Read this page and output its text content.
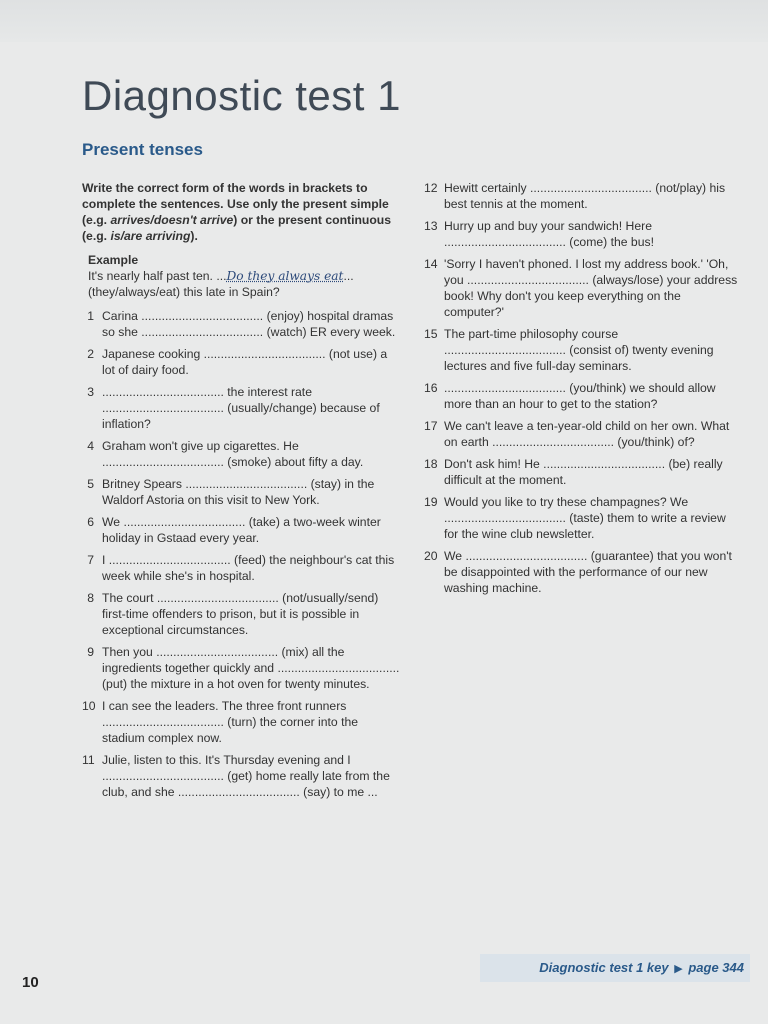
Diagnostic test 1
Present tenses

Write the correct form of the words in brackets to complete the sentences. Use only the present simple (e.g. arrives/doesn't arrive) or the present continuous (e.g. is/are arriving).

Example
It's nearly half past ten. ...Do they always eat... (they/always/eat) this late in Spain?
1 Carina .................................... (enjoy) hospital dramas so she .................................... (watch) ER every week.
2 Japanese cooking .................................... (not use) a lot of dairy food.
3 .................................... the interest rate .................................... (usually/change) because of inflation?
4 Graham won't give up cigarettes. He .................................... (smoke) about fifty a day.
5 Britney Spears .................................... (stay) in the Waldorf Astoria on this visit to New York.
6 We .................................... (take) a two-week winter holiday in Gstaad every year.
7 I .................................... (feed) the neighbour's cat this week while she's in hospital.
8 The court .................................... (not/usually/send) first-time offenders to prison, but it is possible in exceptional circumstances.
9 Then you .................................... (mix) all the ingredients together quickly and .................................... (put) the mixture in a hot oven for twenty minutes.
10 I can see the leaders. The three front runners .................................... (turn) the corner into the stadium complex now.
11 Julie, listen to this. It's Thursday evening and I .................................... (get) home really late from the club, and she .................................... (say) to me ...
12 Hewitt certainly .................................... (not/play) his best tennis at the moment.
13 Hurry up and buy your sandwich! Here .................................... (come) the bus!
14 'Sorry I haven't phoned. I lost my address book.' 'Oh, you .................................... (always/lose) your address book! Why don't you keep everything on the computer?'
15 The part-time philosophy course .................................... (consist of) twenty evening lectures and five full-day seminars.
16 .................................... (you/think) we should allow more than an hour to get to the station?
17 We can't leave a ten-year-old child on her own. What on earth .................................... (you/think) of?
18 Don't ask him! He .................................... (be) really difficult at the moment.
19 Would you like to try these champagnes? We .................................... (taste) them to write a review for the wine club newsletter.
20 We .................................... (guarantee) that you won't be disappointed with the performance of our new washing machine.
Diagnostic test 1 key ▶ page 344
10
